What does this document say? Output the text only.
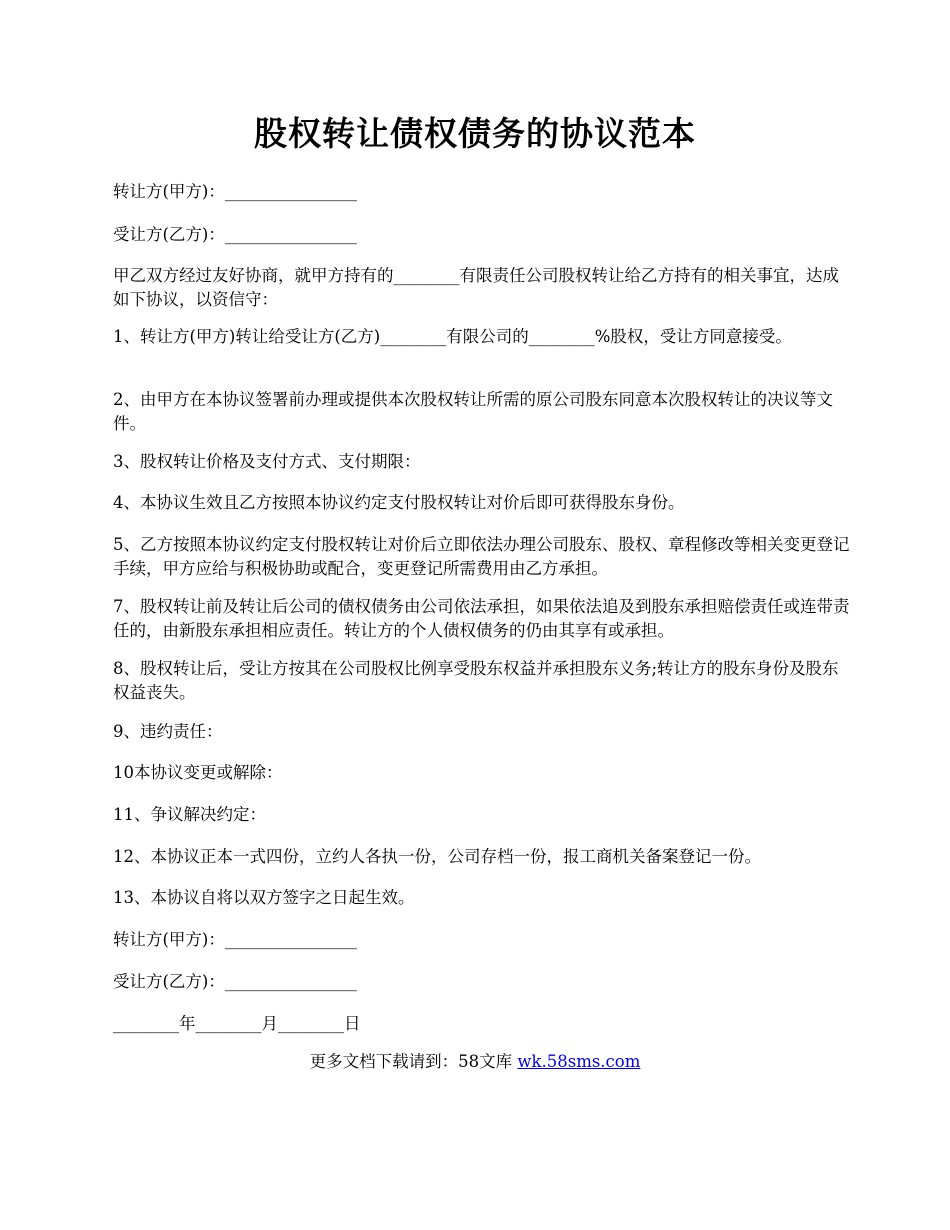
股权转让债权债务的协议范本

转让方(甲方)：________________

受让方(乙方)：________________

甲乙双方经过友好协商，就甲方持有的________有限责任公司股权转让给乙方持有的相关事宜，达成如下协议，以资信守：

1、转让方(甲方)转让给受让方(乙方)________有限公司的________%股权，受让方同意接受。

2、由甲方在本协议签署前办理或提供本次股权转让所需的原公司股东同意本次股权转让的决议等文件。

3、股权转让价格及支付方式、支付期限：

4、本协议生效且乙方按照本协议约定支付股权转让对价后即可获得股东身份。

5、乙方按照本协议约定支付股权转让对价后立即依法办理公司股东、股权、章程修改等相关变更登记手续，甲方应给与积极协助或配合，变更登记所需费用由乙方承担。

7、股权转让前及转让后公司的债权债务由公司依法承担，如果依法追及到股东承担赔偿责任或连带责任的，由新股东承担相应责任。转让方的个人债权债务的仍由其享有或承担。

8、股权转让后，受让方按其在公司股权比例享受股东权益并承担股东义务;转让方的股东身份及股东权益丧失。

9、违约责任：

10本协议变更或解除：

11、争议解决约定：

12、本协议正本一式四份，立约人各执一份，公司存档一份，报工商机关备案登记一份。

13、本协议自将以双方签字之日起生效。

转让方(甲方)：________________

受让方(乙方)：________________

________年________月________日

更多文档下载请到：58文库 wk.58sms.com
